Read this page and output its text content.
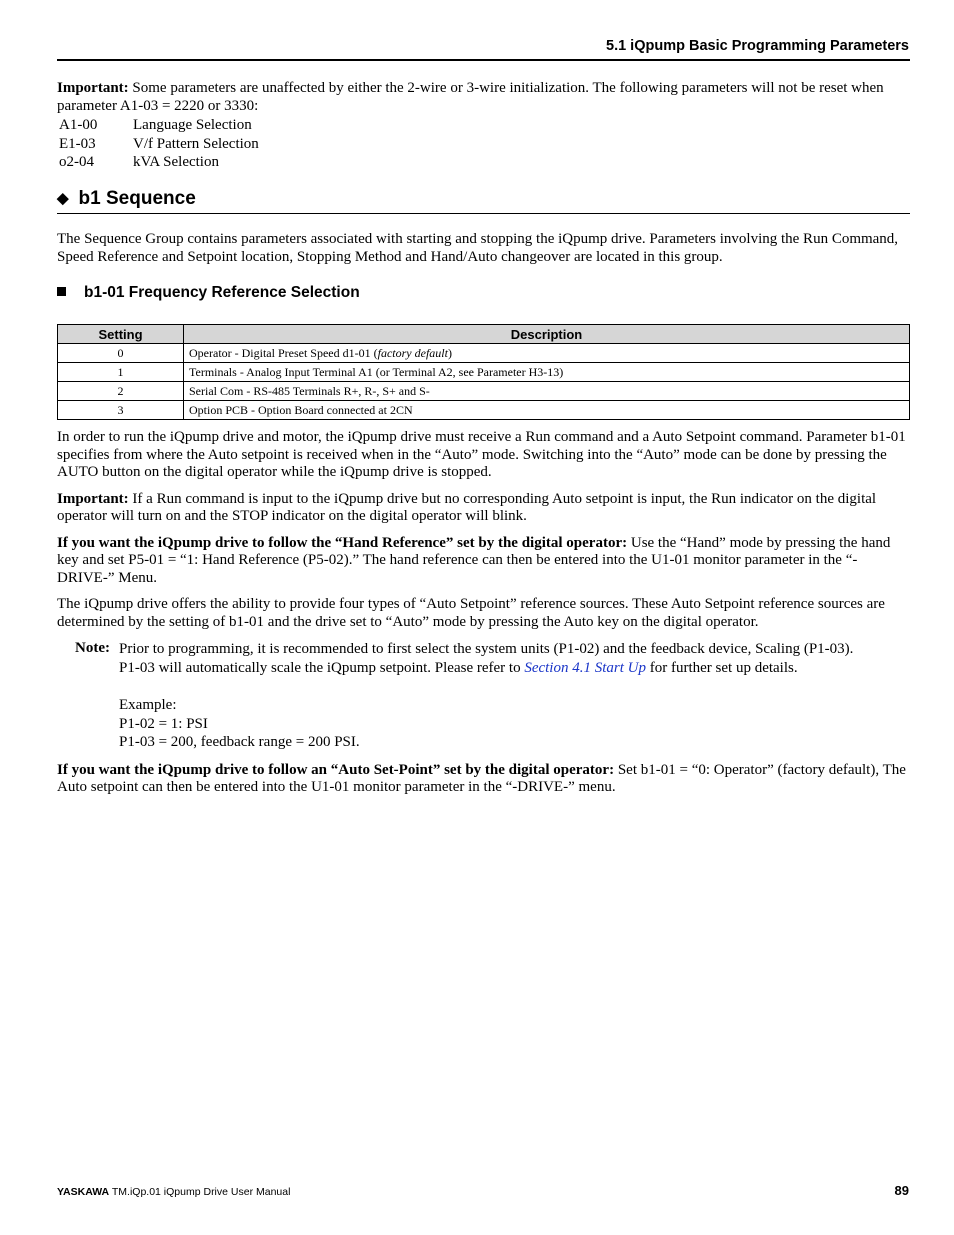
5.1 iQpump Basic Programming Parameters

Important: Some parameters are unaffected by either the 2-wire or 3-wire initialization. The following parameters will not be reset when parameter A1-03 = 2220 or 3330:

A1-00	Language Selection
E1-03	V/f Pattern Selection
o2-04	kVA Selection
◆ b1 Sequence

The Sequence Group contains parameters associated with starting and stopping the iQpump drive. Parameters involving the Run Command, Speed Reference and Setpoint location, Stopping Method and Hand/Auto changeover are located in this group.

b1-01 Frequency Reference Selection
Setting	Description
0	Operator - Digital Preset Speed d1-01 (factory default)
1	Terminals - Analog Input Terminal A1 (or Terminal A2, see Parameter H3-13)
2	Serial Com - RS-485 Terminals R+, R-, S+ and S-
3	Option PCB - Option Board connected at 2CN

In order to run the iQpump drive and motor, the iQpump drive must receive a Run command and a Auto Setpoint command. Parameter b1-01 specifies from where the Auto setpoint is received when in the “Auto” mode. Switching into the “Auto” mode can be done by pressing the AUTO button on the digital operator while the iQpump drive is stopped.

Important: If a Run command is input to the iQpump drive but no corresponding Auto setpoint is input, the Run indicator on the digital operator will turn on and the STOP indicator on the digital operator will blink.

If you want the iQpump drive to follow the “Hand Reference” set by the digital operator: Use the “Hand” mode by pressing the hand key and set P5-01 = “1: Hand Reference (P5-02).” The hand reference can then be entered into the U1-01 monitor parameter in the “-DRIVE-” Menu.

The iQpump drive offers the ability to provide four types of “Auto Setpoint” reference sources. These Auto Setpoint reference sources are determined by the setting of b1-01 and the drive set to “Auto” mode by pressing the Auto key on the digital operator.

Note: Prior to programming, it is recommended to first select the system units (P1-02) and the feedback device, Scaling (P1-03). P1-03 will automatically scale the iQpump setpoint. Please refer to Section 4.1 Start Up for further set up details.

Example:

P1-02 = 1: PSI

P1-03 = 200, feedback range = 200 PSI.

If you want the iQpump drive to follow an “Auto Set-Point” set by the digital operator: Set b1-01 = “0: Operator” (factory default), The Auto setpoint can then be entered into the U1-01 monitor parameter in the “-DRIVE-” menu.

YASKAWA TM.iQp.01 iQpump Drive User Manual	89
